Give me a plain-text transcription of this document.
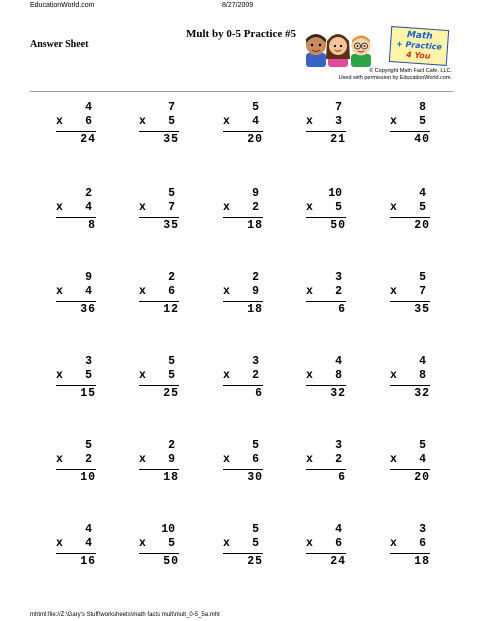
EducationWorld.com	8/27/2009
Mult by 0-5 Practice #5
Answer Sheet
Math
+ Practice
4 You
© Copyright Math Fact Cafe, LLC.
Used with permission by EducationWorld.com.
4
x 6
24
7
x 5
35
5
x 4
20
7
x 3
21
8
x 5
40
2
x 4
8
5
x 7
35
9
x 2
18
10
x 5
50
4
x 5
20
9
x 4
36
2
x 6
12
2
x 9
18
3
x 2
6
5
x 7
35
3
x 5
15
5
x 5
25
3
x 2
6
4
x 8
32
4
x 8
32
5
x 2
10
2
x 9
18
5
x 6
30
3
x 2
6
5
x 4
20
4
x 4
16
10
x 5
50
5
x 5
25
4
x 6
24
3
x 6
18
mhtml:file://Z:\Gary's Stuff\worksheets\math facts mult\mult_0-5_5a.mht
